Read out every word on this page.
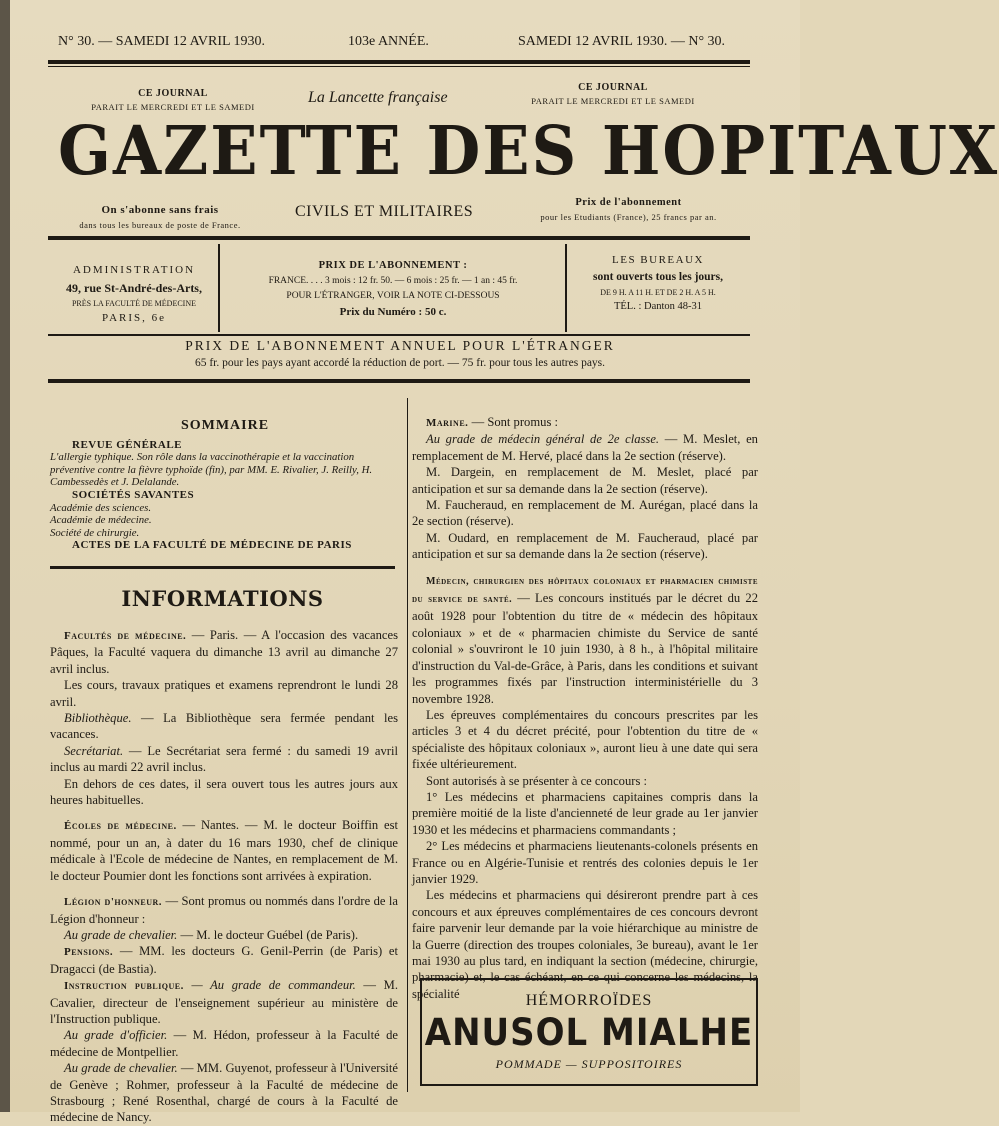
N° 30. — SAMEDI 12 AVRIL 1930.	103e ANNÉE.	SAMEDI 12 AVRIL 1930. — N° 30.
CE JOURNAL
PARAIT LE MERCREDI ET LE SAMEDI
La Lancette française
CE JOURNAL
PARAIT LE MERCREDI ET LE SAMEDI
GAZETTE DES HOPITAUX
On s'abonne sans frais
dans tous les bureaux de poste de France.
CIVILS ET MILITAIRES
Prix de l'abonnement
pour les Etudiants (France), 25 francs par an.
ADMINISTRATION
49, rue St-André-des-Arts,
PRÈS LA FACULTÉ DE MÉDECINE
PARIS, 6e
PRIX DE L'ABONNEMENT :
FRANCE. . . . 3 mois : 12 fr. 50. — 6 mois : 25 fr. — 1 an : 45 fr.
POUR L'ÉTRANGER, VOIR LA NOTE CI-DESSOUS
Prix du Numéro : 50 c.
LES BUREAUX
sont ouverts tous les jours,
DE 9 H. A 11 H. ET DE 2 H. A 5 H.
TÉL. : Danton 48-31
PRIX DE L'ABONNEMENT ANNUEL POUR L'ÉTRANGER
65 fr. pour les pays ayant accordé la réduction de port. — 75 fr. pour tous les autres pays.
SOMMAIRE
REVUE GÉNÉRALE
L'allergie typhique. Son rôle dans la vaccinothérapie et la vaccination préventive contre la fièvre typhoïde (fin), par MM. E. Rivalier, J. Reilly, H. Cambessedès et J. Delalande.
SOCIÉTÉS SAVANTES
Académie des sciences.
Académie de médecine.
Société de chirurgie.
ACTES DE LA FACULTÉ DE MÉDECINE DE PARIS
INFORMATIONS

Facultés de médecine. — Paris. — A l'occasion des vacances Pâques, la Faculté vaquera du dimanche 13 avril au dimanche 27 avril inclus.

Les cours, travaux pratiques et examens reprendront le lundi 28 avril.

Bibliothèque. — La Bibliothèque sera fermée pendant les vacances.

Secrétariat. — Le Secrétariat sera fermé : du samedi 19 avril inclus au mardi 22 avril inclus.

En dehors de ces dates, il sera ouvert tous les autres jours aux heures habituelles.

Écoles de médecine. — Nantes. — M. le docteur Boiffin est nommé, pour un an, à dater du 16 mars 1930, chef de clinique médicale à l'Ecole de médecine de Nantes, en remplacement de M. le docteur Poumier dont les fonctions sont arrivées à expiration.

Légion d'honneur. — Sont promus ou nommés dans l'ordre de la Légion d'honneur :

Au grade de chevalier. — M. le docteur Guébel (de Paris).

Pensions. — MM. les docteurs G. Genil-Perrin (de Paris) et Dragacci (de Bastia).

Instruction publique. — Au grade de commandeur. — M. Cavalier, directeur de l'enseignement supérieur au ministère de l'Instruction publique.

Au grade d'officier. — M. Hédon, professeur à la Faculté de médecine de Montpellier.

Au grade de chevalier. — MM. Guyenot, professeur à l'Université de Genève ; Rohmer, professeur à la Faculté de médecine de Strasbourg ; René Rosenthal, chargé de cours à la Faculté de médecine de Nancy.

Marine. — Sont promus :

Au grade de médecin général de 2e classe. — M. Meslet, en remplacement de M. Hervé, placé dans la 2e section (réserve).

M. Dargein, en remplacement de M. Meslet, placé par anticipation et sur sa demande dans la 2e section (réserve).

M. Faucheraud, en remplacement de M. Aurégan, placé dans la 2e section (réserve).

M. Oudard, en remplacement de M. Faucheraud, placé par anticipation et sur sa demande dans la 2e section (réserve).

Médecin, chirurgien des hôpitaux coloniaux et pharmacien chimiste du service de santé. — Les concours institués par le décret du 22 août 1928 pour l'obtention du titre de « médecin des hôpitaux coloniaux » et de « pharmacien chimiste du Service de santé colonial » s'ouvriront le 10 juin 1930, à 8 h., à l'hôpital militaire d'instruction du Val-de-Grâce, à Paris, dans les conditions et suivant les programmes fixés par l'instruction interministérielle du 3 novembre 1928.

Les épreuves complémentaires du concours prescrites par les articles 3 et 4 du décret précité, pour l'obtention du titre de « spécialiste des hôpitaux coloniaux », auront lieu à une date qui sera fixée ultérieurement.

Sont autorisés à se présenter à ce concours :

1° Les médecins et pharmaciens capitaines compris dans la première moitié de la liste d'ancienneté de leur grade au 1er janvier 1930 et les médecins et pharmaciens commandants ;

2° Les médecins et pharmaciens lieutenants-colonels présents en France ou en Algérie-Tunisie et rentrés des colonies depuis le 1er janvier 1929.

Les médecins et pharmaciens qui désireront prendre part à ces concours et aux épreuves complémentaires de ces concours devront faire parvenir leur demande par la voie hiérarchique au ministre de la Guerre (direction des troupes coloniales, 3e bureau), avant le 1er mai 1930 au plus tard, en indiquant la section (médecine, chirurgie, pharmacie) et, le cas échéant, en ce qui concerne les médecins, la spécialité	HÉMORROÏDES
ANUSOL MIALHE
POMMADE — SUPPOSITOIRES
